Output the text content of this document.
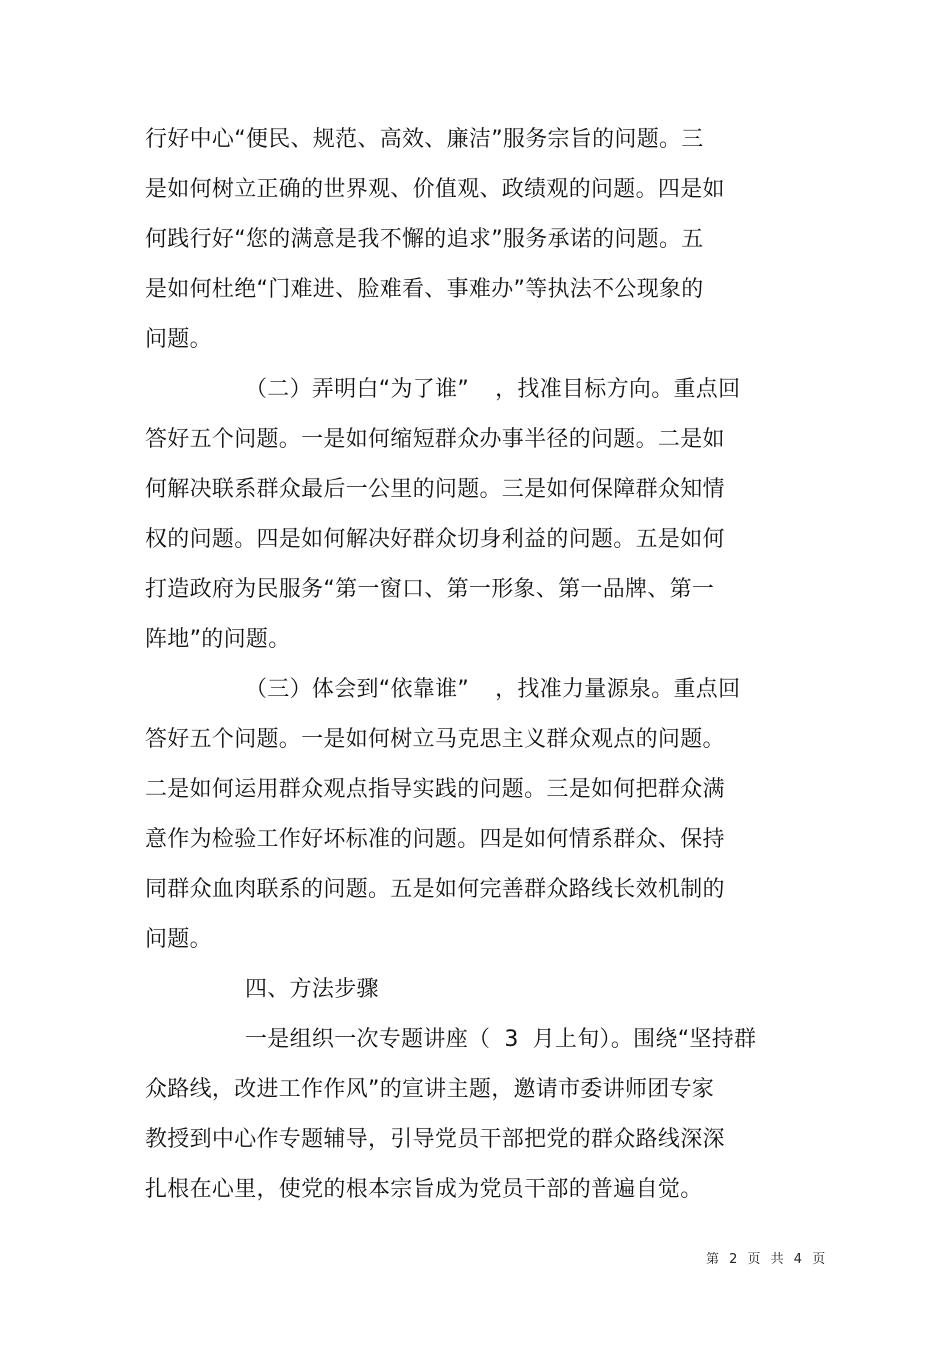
行好中心“便民、规范、高效、廉洁”服务宗旨的问题。三
是如何树立正确的世界观、价值观、政绩观的问题。四是如
何践行好“您的满意是我不懈的追求”服务承诺的问题。五
是如何杜绝“门难进、脸难看、事难办”等执法不公现象的
问题。
（二）弄明白“为了谁” ，找准目标方向。重点回
答好五个问题。一是如何缩短群众办事半径的问题。二是如
何解决联系群众最后一公里的问题。三是如何保障群众知情
权的问题。四是如何解决好群众切身利益的问题。五是如何
打造政府为民服务“第一窗口、第一形象、第一品牌、第一
阵地”的问题。
（三）体会到“依靠谁” ，找准力量源泉。重点回
答好五个问题。一是如何树立马克思主义群众观点的问题。
二是如何运用群众观点指导实践的问题。三是如何把群众满
意作为检验工作好坏标准的问题。四是如何情系群众、保持
同群众血肉联系的问题。五是如何完善群众路线长效机制的
问题。
四、方法步骤
一是组织一次专题讲座（ 3 月上旬）。围绕“坚持群
众路线，改进工作作风”的宣讲主题，邀请市委讲师团专家
教授到中心作专题辅导，引导党员干部把党的群众路线深深
扎根在心里，使党的根本宗旨成为党员干部的普遍自觉。
第 2 页 共 4 页
